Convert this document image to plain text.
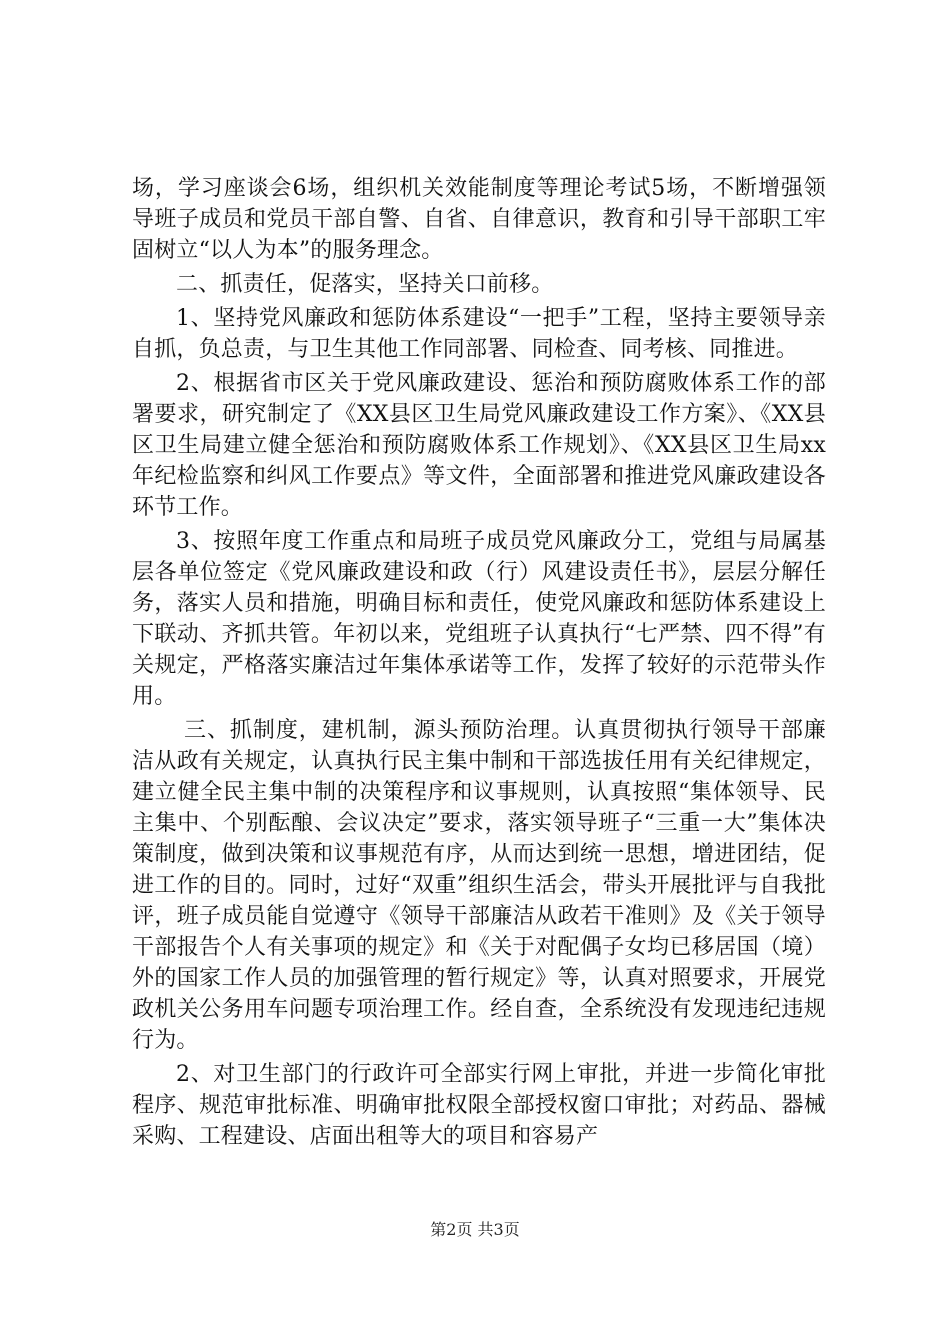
场，学习座谈会6场，组织机关效能制度等理论考试5场，不断增强领导班子成员和党员干部自警、自省、自律意识，教育和引导干部职工牢固树立“以人为本”的服务理念。

二、抓责任，促落实，坚持关口前移。

1、坚持党风廉政和惩防体系建设“一把手”工程，坚持主要领导亲自抓，负总责，与卫生其他工作同部署、同检查、同考核、同推进。

2、根据省市区关于党风廉政建设、惩治和预防腐败体系工作的部署要求，研究制定了《XX县区卫生局党风廉政建设工作方案》、《XX县区卫生局建立健全惩治和预防腐败体系工作规划》、《XX县区卫生局xx年纪检监察和纠风工作要点》等文件，全面部署和推进党风廉政建设各环节工作。

3、按照年度工作重点和局班子成员党风廉政分工，党组与局属基层各单位签定《党风廉政建设和政（行）风建设责任书》，层层分解任务，落实人员和措施，明确目标和责任，使党风廉政和惩防体系建设上下联动、齐抓共管。年初以来，党组班子认真执行“七严禁、四不得”有关规定，严格落实廉洁过年集体承诺等工作，发挥了较好的示范带头作用。

三、抓制度，建机制，源头预防治理。认真贯彻执行领导干部廉洁从政有关规定，认真执行民主集中制和干部选拔任用有关纪律规定，建立健全民主集中制的决策程序和议事规则，认真按照“集体领导、民主集中、个别酝酿、会议决定”要求，落实领导班子“三重一大”集体决策制度，做到决策和议事规范有序，从而达到统一思想，增进团结，促进工作的目的。同时，过好“双重”组织生活会，带头开展批评与自我批评，班子成员能自觉遵守《领导干部廉洁从政若干准则》及《关于领导干部报告个人有关事项的规定》和《关于对配偶子女均已移居国（境）外的国家工作人员的加强管理的暂行规定》等，认真对照要求，开展党政机关公务用车问题专项治理工作。经自查，全系统没有发现违纪违规行为。

2、对卫生部门的行政许可全部实行网上审批，并进一步简化审批程序、规范审批标准、明确审批权限全部授权窗口审批；对药品、器械采购、工程建设、店面出租等大的项目和容易产

第2页 共3页
